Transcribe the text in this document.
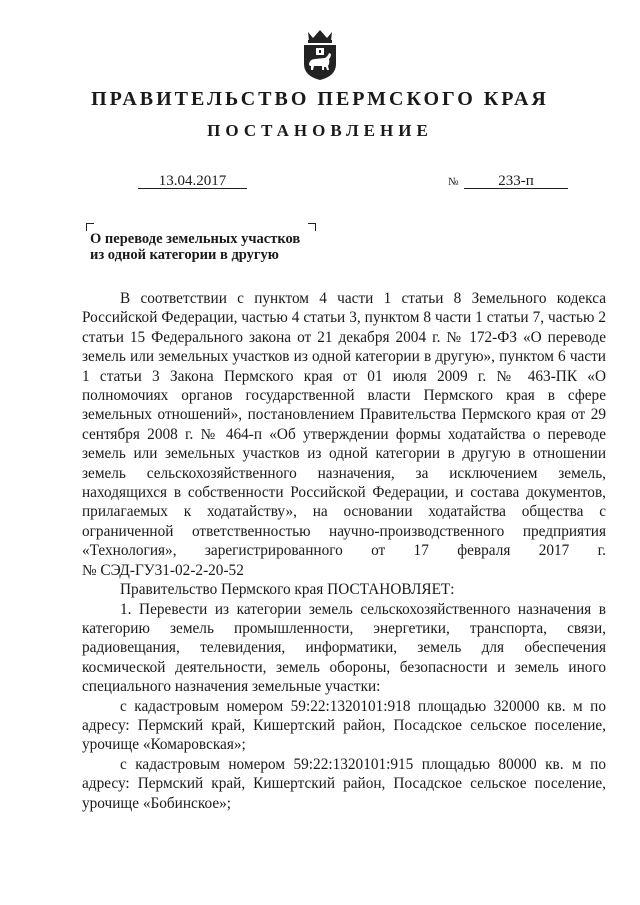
ПРАВИТЕЛЬСТВО ПЕРМСКОГО КРАЯ
ПОСТАНОВЛЕНИЕ
13.04.2017	№	233-п
О переводе земельных участков
из одной категории в другую

В соответствии с пунктом 4 части 1 статьи 8 Земельного кодекса Российской Федерации, частью 4 статьи 3, пунктом 8 части 1 статьи 7, частью 2 статьи 15 Федерального закона от 21 декабря 2004 г. № 172-ФЗ «О переводе земель или земельных участков из одной категории в другую», пунктом 6 части 1 статьи 3 Закона Пермского края от 01 июля 2009 г. № 463-ПК «О полномочиях органов государственной власти Пермского края в сфере земельных отношений», постановлением Правительства Пермского края от 29 сентября 2008 г. № 464-п «Об утверждении формы ходатайства о переводе земель или земельных участков из одной категории в другую в отношении земель сельскохозяйственного назначения, за исключением земель, находящихся в собственности Российской Федерации, и состава документов, прилагаемых к ходатайству», на основании ходатайства общества с ограниченной ответственностью научно-производственного предприятия «Технология», зарегистрированного от 17 февраля 2017 г.

№ СЭД-ГУ31-02-2-20-52

Правительство Пермского края ПОСТАНОВЛЯЕТ:

1. Перевести из категории земель сельскохозяйственного назначения в категорию земель промышленности, энергетики, транспорта, связи, радиовещания, телевидения, информатики, земель для обеспечения космической деятельности, земель обороны, безопасности и земель иного специального назначения земельные участки:

с кадастровым номером 59:22:1320101:918 площадью 320000 кв. м по адресу: Пермский край, Кишертский район, Посадское сельское поселение, урочище «Комаровская»;

с кадастровым номером 59:22:1320101:915 площадью 80000 кв. м по адресу: Пермский край, Кишертский район, Посадское сельское поселение, урочище «Бобинское»;
